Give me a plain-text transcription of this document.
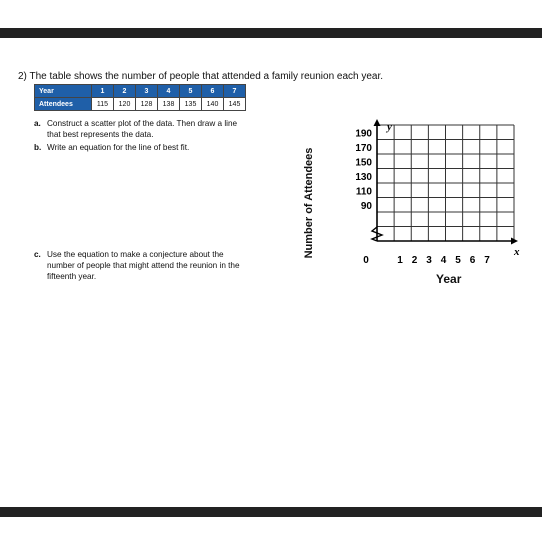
2) The table shows the number of people that attended a family reunion each year.
Year	1	2	3	4	5	6	7
Attendees	115	120	128	138	135	140	145
a. Construct a scatter plot of the data. Then draw a line
that best represents the data.
b. Write an equation for the line of best fit.
c. Use the equation to make a conjecture about the
number of people that might attend the reunion in the
fifteenth year.
Number of Attendees
y
x
0
190
170
150
130
110
90
1 2 3 4 5 6 7
Year
